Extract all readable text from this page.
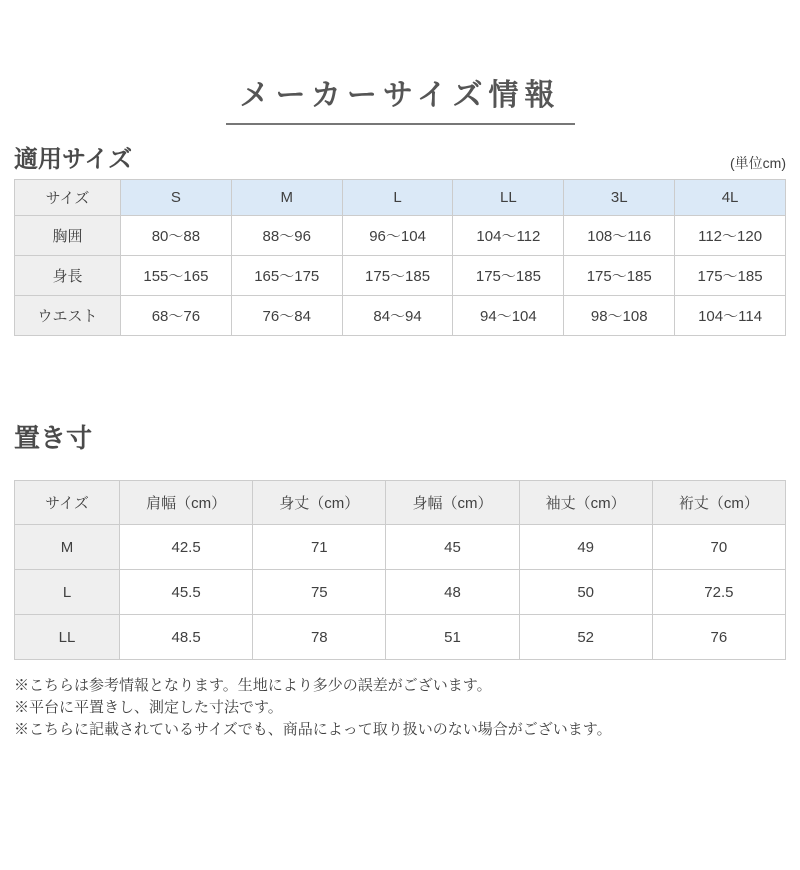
メーカーサイズ情報
適用サイズ	(単位cm)
サイズ	S	M	L	LL	3L	4L
胸囲	80〜88	88〜96	96〜104	104〜112	108〜116	112〜120
身長	155〜165	165〜175	175〜185	175〜185	175〜185	175〜185
ウエスト	68〜76	76〜84	84〜94	94〜104	98〜108	104〜114
置き寸
サイズ	肩幅（cm）	身丈（cm）	身幅（cm）	袖丈（cm）	裄丈（cm）
M	42.5	71	45	49	70
L	45.5	75	48	50	72.5
LL	48.5	78	51	52	76

※こちらは参考情報となります。生地により多少の誤差がございます。

※平台に平置きし、測定した寸法です。

※こちらに記載されているサイズでも、商品によって取り扱いのない場合がございます。
